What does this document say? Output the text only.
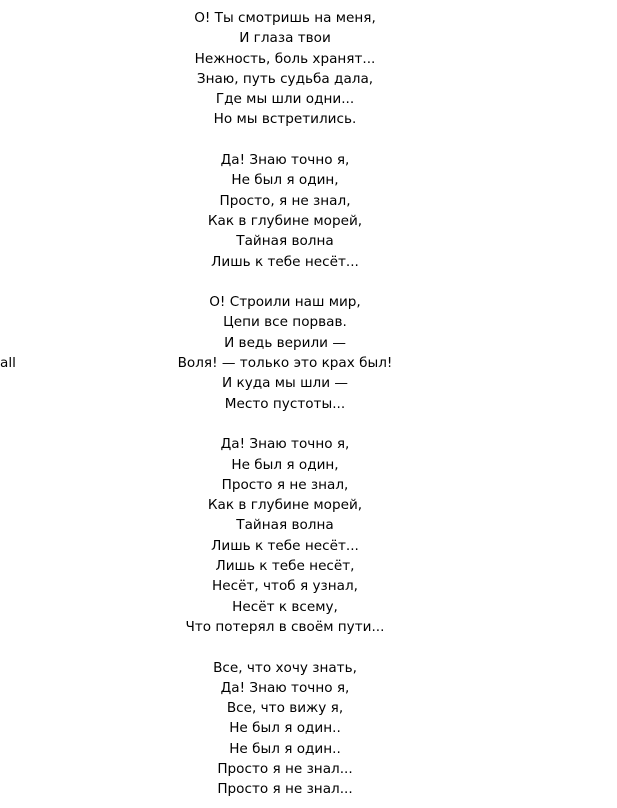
all
О! Ты смотришь на меня,
И глаза твои
Нежность, боль хранят...
Знаю, путь судьба дала,
Где мы шли одни...
Но мы встретились.
Да! Знаю точно я,
Не был я один,
Просто, я не знал,
Как в глубине морей,
Тайная волна
Лишь к тебе несёт...
О! Строили наш мир,
Цепи все порвав.
И ведь верили —
Воля! — только это крах был!
И куда мы шли —
Место пустоты...
Да! Знаю точно я,
Не был я один,
Просто я не знал,
Как в глубине морей,
Тайная волна
Лишь к тебе несёт...
Лишь к тебе несёт,
Несёт, чтоб я узнал,
Несёт к всему,
Что потерял в своём пути...
Все, что хочу знать,
Да! Знаю точно я,
Все, что вижу я,
Не был я один..
Не был я один..
Просто я не знал...
Просто я не знал...
